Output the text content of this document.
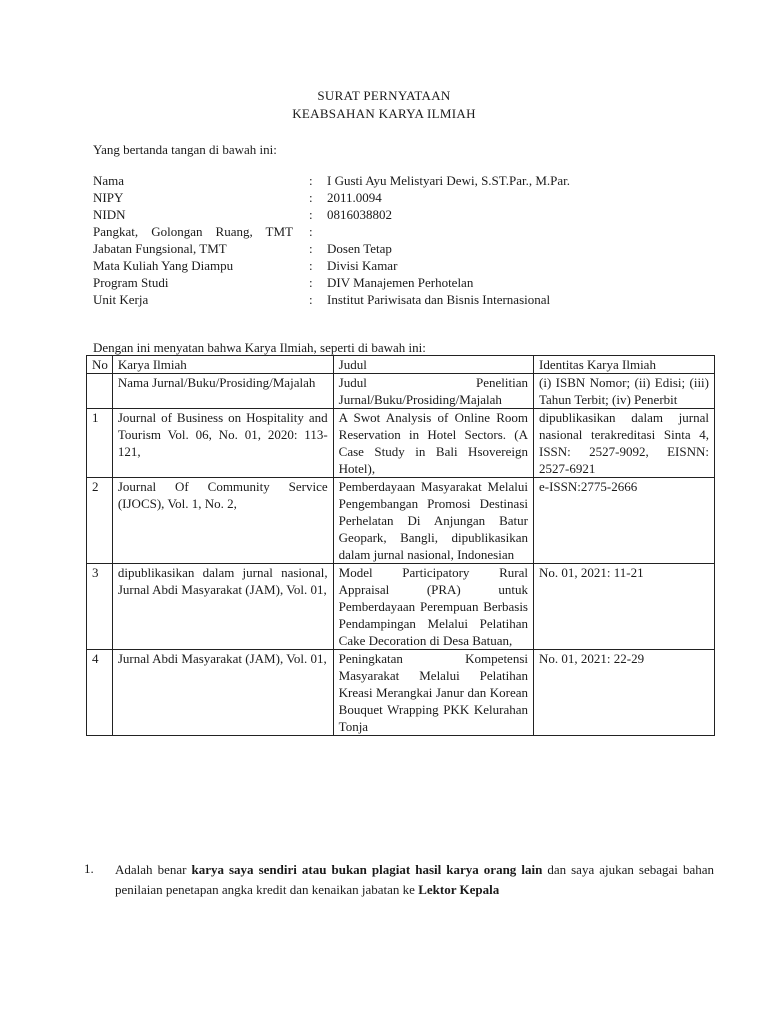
SURAT PERNYATAAN
KEABSAHAN KARYA ILMIAH
Yang bertanda tangan di bawah ini:
Nama	:	I Gusti Ayu Melistyari Dewi, S.ST.Par., M.Par.
NIPY	:	2011.0094
NIDN	:	0816038802
Pangkat, Golongan Ruang, TMT	:
Jabatan Fungsional, TMT	:	Dosen Tetap
Mata Kuliah Yang Diampu	:	Divisi Kamar
Program Studi	:	DIV Manajemen Perhotelan
Unit Kerja	:	Institut Pariwisata dan Bisnis Internasional
Dengan ini menyatan bahwa Karya Ilmiah, seperti di bawah ini:
No	Karya Ilmiah	Judul	Identitas Karya Ilmiah
	Nama Jurnal/Buku/Prosiding/Majalah	Judul Penelitian Jurnal/Buku/Prosiding/Majalah	(i) ISBN Nomor; (ii) Edisi; (iii) Tahun Terbit; (iv) Penerbit
1	Journal of Business on Hospitality and Tourism Vol. 06, No. 01, 2020: 113-121,	A Swot Analysis of Online Room Reservation in Hotel Sectors. (A Case Study in Bali Hsovereign Hotel),	dipublikasikan dalam jurnal nasional terakreditasi Sinta 4, ISSN: 2527-9092, EISNN: 2527-6921
2	Journal Of Community Service (IJOCS), Vol. 1, No. 2,	Pemberdayaan Masyarakat Melalui Pengembangan Promosi Destinasi Perhelatan Di Anjungan Batur Geopark, Bangli, dipublikasikan dalam jurnal nasional, Indonesian	e-ISSN:2775-2666
3	dipublikasikan dalam jurnal nasional, Jurnal Abdi Masyarakat (JAM), Vol. 01,	Model Participatory Rural Appraisal (PRA) untuk Pemberdayaan Perempuan Berbasis Pendampingan Melalui Pelatihan Cake Decoration di Desa Batuan,	No. 01, 2021: 11-21
4	Jurnal Abdi Masyarakat (JAM), Vol. 01,	Peningkatan Kompetensi Masyarakat Melalui Pelatihan Kreasi Merangkai Janur dan Korean Bouquet Wrapping PKK Kelurahan Tonja	No. 01, 2021: 22-29
1.	Adalah benar karya saya sendiri atau bukan plagiat hasil karya orang lain dan saya ajukan sebagai bahan penilaian penetapan angka kredit dan kenaikan jabatan ke Lektor Kepala
